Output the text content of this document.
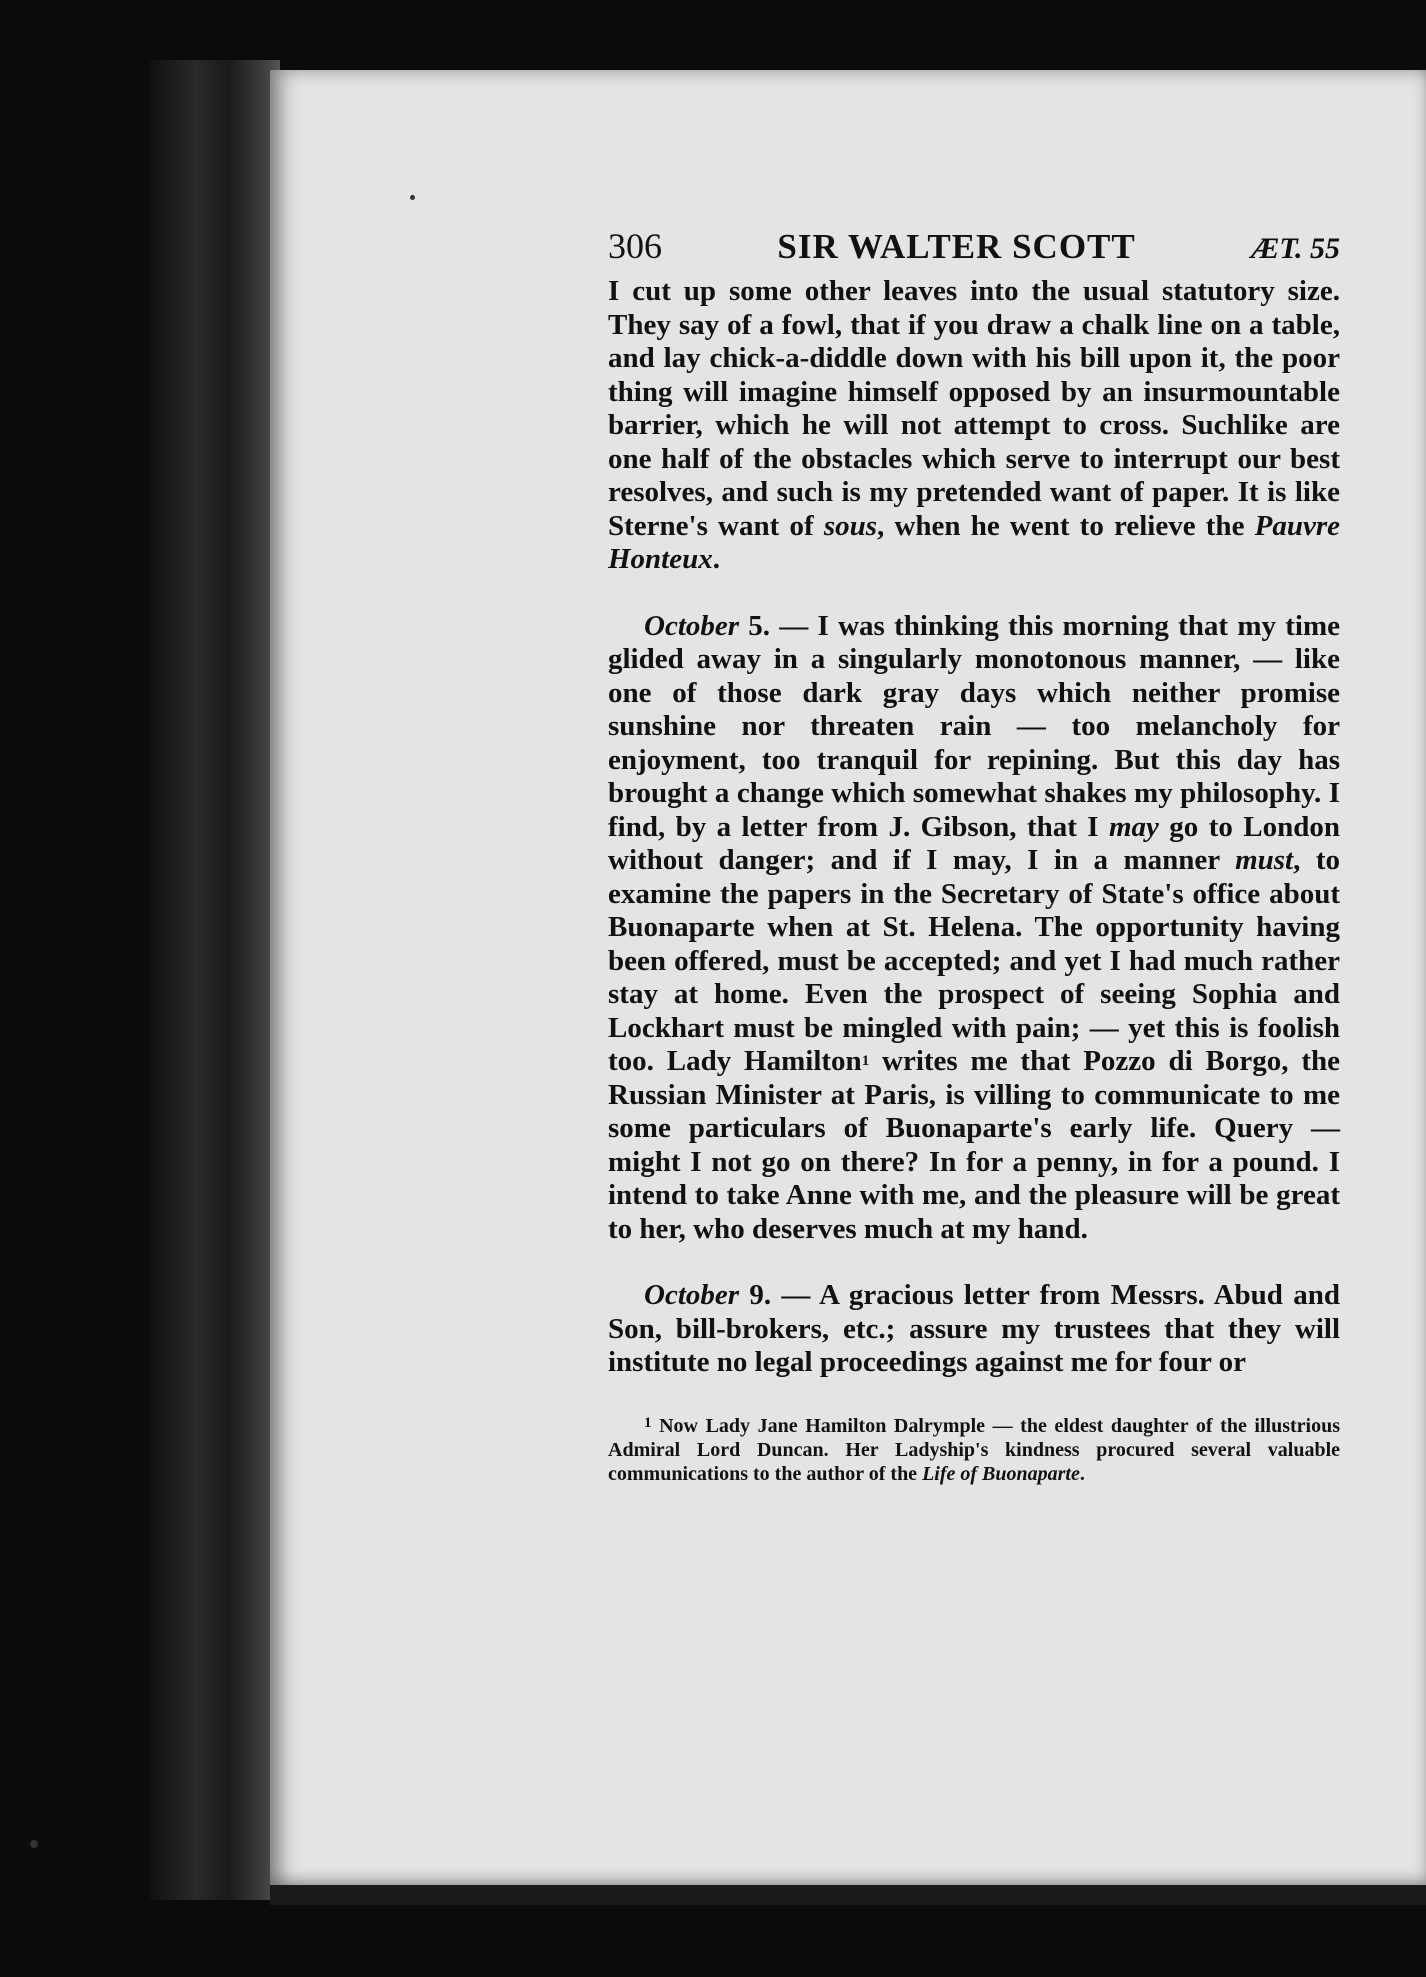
306	SIR WALTER SCOTT	ÆT. 55

I cut up some other leaves into the usual statutory size. They say of a fowl, that if you draw a chalk line on a table, and lay chick-a-diddle down with his bill upon it, the poor thing will imagine himself opposed by an insurmountable barrier, which he will not attempt to cross. Suchlike are one half of the obstacles which serve to interrupt our best resolves, and such is my pretended want of paper. It is like Sterne's want of sous, when he went to relieve the Pauvre Honteux.

October 5. — I was thinking this morning that my time glided away in a singularly monotonous manner, — like one of those dark gray days which neither promise sunshine nor threaten rain — too melancholy for enjoyment, too tranquil for repining. But this day has brought a change which somewhat shakes my philosophy. I find, by a letter from J. Gibson, that I may go to London without danger; and if I may, I in a manner must, to examine the papers in the Secretary of State's office about Buonaparte when at St. Helena. The opportunity having been offered, must be accepted; and yet I had much rather stay at home. Even the prospect of seeing Sophia and Lockhart must be mingled with pain; — yet this is foolish too. Lady Hamilton$^1$ writes me that Pozzo di Borgo, the Russian Minister at Paris, is villing to communicate to me some particulars of Buonaparte's early life. Query — might I not go on there? In for a penny, in for a pound. I intend to take Anne with me, and the pleasure will be great to her, who deserves much at my hand.

October 9. — A gracious letter from Messrs. Abud and Son, bill-brokers, etc.; assure my trustees that they will institute no legal proceedings against me for four or

$^1$ Now Lady Jane Hamilton Dalrymple — the eldest daughter of the illustrious Admiral Lord Duncan. Her Ladyship's kindness procured several valuable communications to the author of the Life of Buonaparte.
